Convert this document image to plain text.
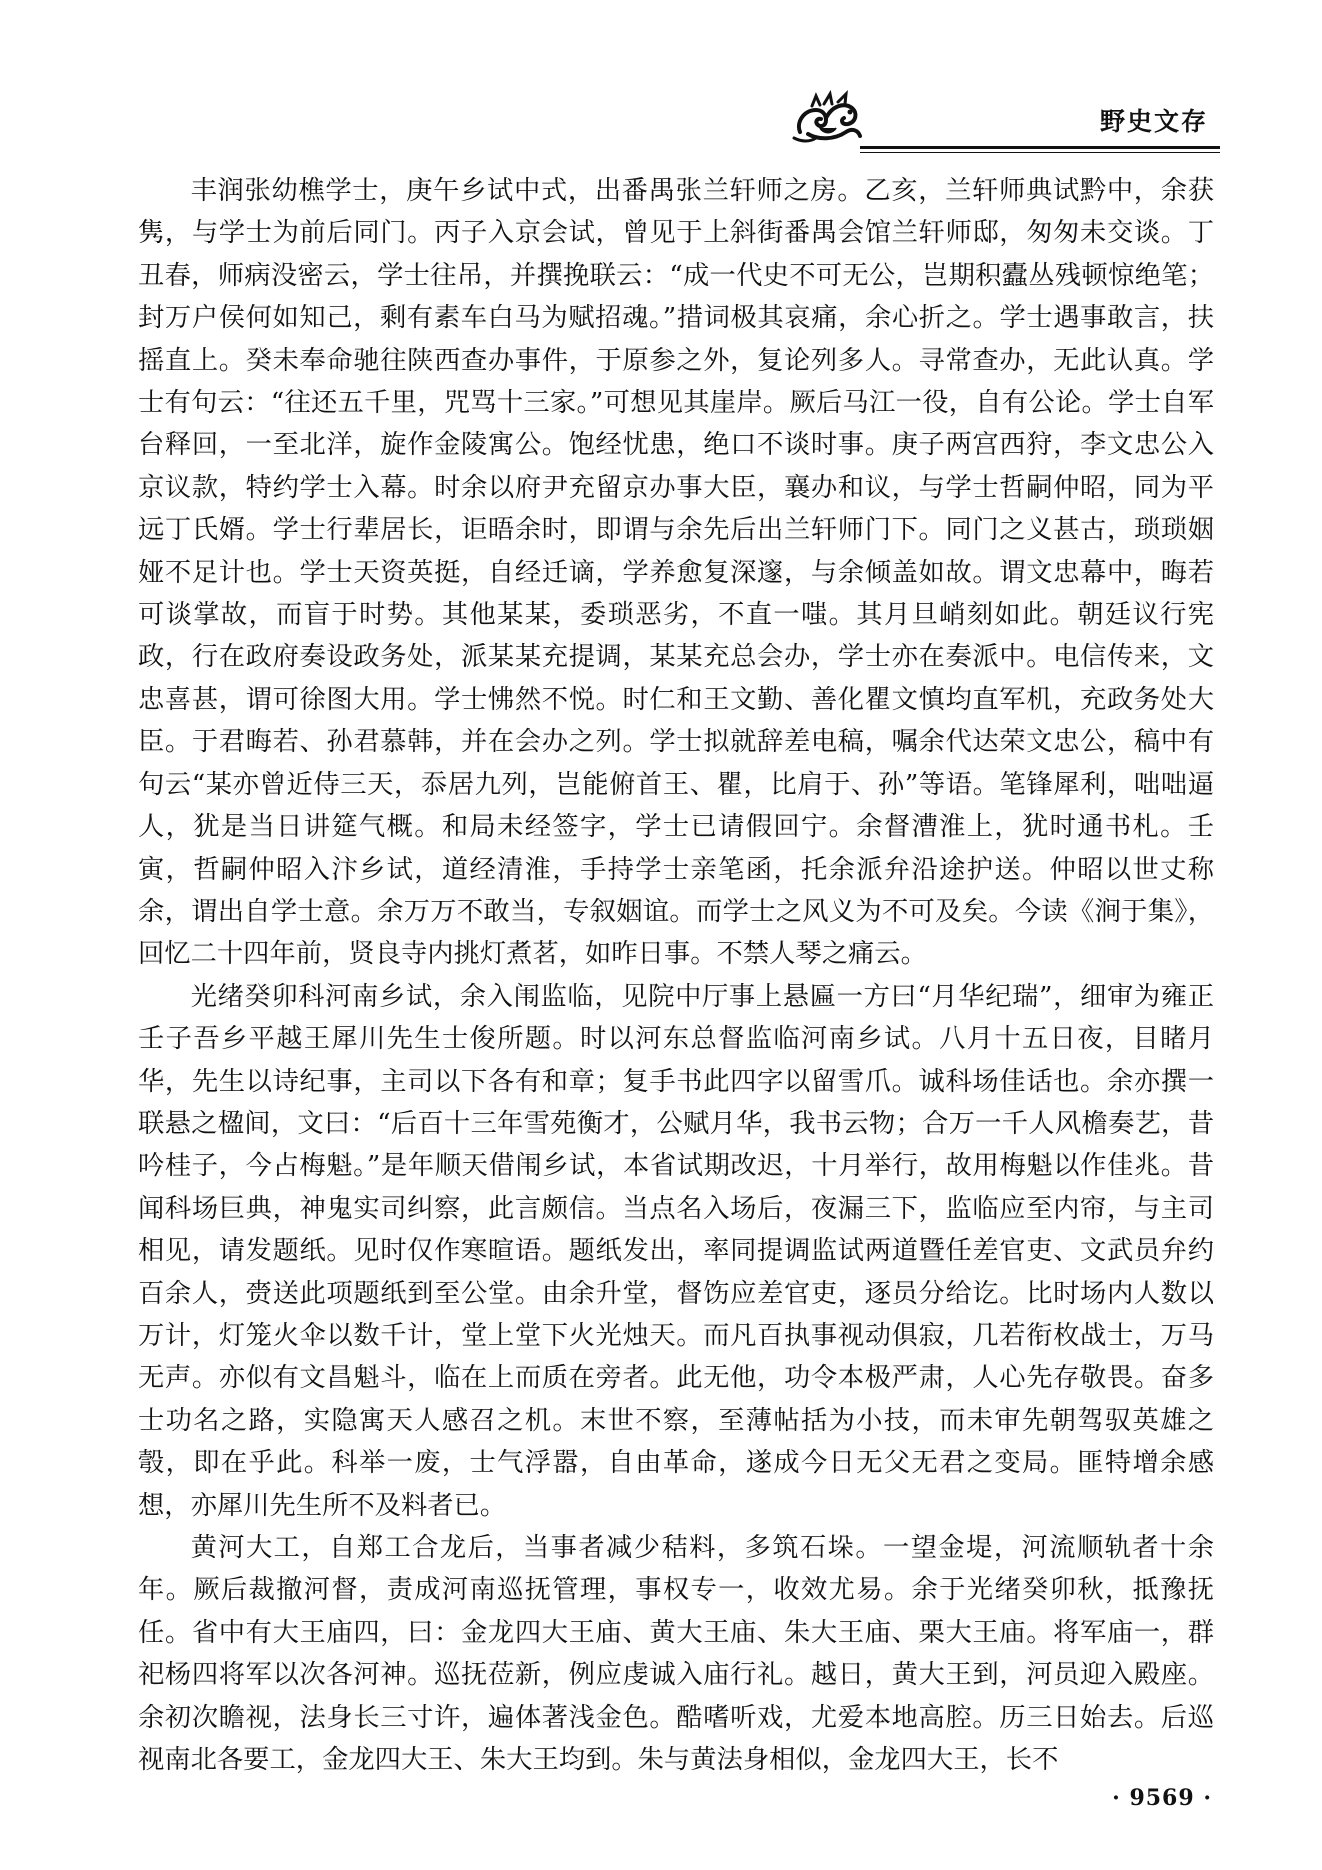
野史文存

丰润张幼樵学士，庚午乡试中式，出番禺张兰轩师之房。乙亥，兰轩师典试黔中，余获隽，与学士为前后同门。丙子入京会试，曾见于上斜街番禺会馆兰轩师邸，匆匆未交谈。丁丑春，师病没密云，学士往吊，并撰挽联云：“成一代史不可无公，岂期积蠹丛残顿惊绝笔；封万户侯何如知己，剩有素车白马为赋招魂。”措词极其哀痛，余心折之。学士遇事敢言，扶摇直上。癸未奉命驰往陕西查办事件，于原参之外，复论列多人。寻常查办，无此认真。学士有句云：“往还五千里，咒骂十三家。”可想见其崖岸。厥后马江一役，自有公论。学士自军台释回，一至北洋，旋作金陵寓公。饱经忧患，绝口不谈时事。庚子两宫西狩，李文忠公入京议款，特约学士入幕。时余以府尹充留京办事大臣，襄办和议，与学士哲嗣仲昭，同为平远丁氏婿。学士行辈居长，讵晤余时，即谓与余先后出兰轩师门下。同门之义甚古，琐琐姻娅不足计也。学士天资英挺，自经迁谪，学养愈复深邃，与余倾盖如故。谓文忠幕中，晦若可谈掌故，而盲于时势。其他某某，委琐恶劣，不直一嗤。其月旦峭刻如此。朝廷议行宪政，行在政府奏设政务处，派某某充提调，某某充总会办，学士亦在奏派中。电信传来，文忠喜甚，谓可徐图大用。学士怫然不悦。时仁和王文勤、善化瞿文慎均直军机，充政务处大臣。于君晦若、孙君慕韩，并在会办之列。学士拟就辞差电稿，嘱余代达荣文忠公，稿中有句云“某亦曾近侍三天，忝居九列，岂能俯首王、瞿，比肩于、孙”等语。笔锋犀利，咄咄逼人，犹是当日讲筵气概。和局未经签字，学士已请假回宁。余督漕淮上，犹时通书札。壬寅，哲嗣仲昭入汴乡试，道经清淮，手持学士亲笔函，托余派弁沿途护送。仲昭以世丈称余，谓出自学士意。余万万不敢当，专叙姻谊。而学士之风义为不可及矣。今读《涧于集》，回忆二十四年前，贤良寺内挑灯煮茗，如昨日事。不禁人琴之痛云。

光绪癸卯科河南乡试，余入闱监临，见院中厅事上悬匾一方曰“月华纪瑞”，细审为雍正壬子吾乡平越王犀川先生士俊所题。时以河东总督监临河南乡试。八月十五日夜，目睹月华，先生以诗纪事，主司以下各有和章；复手书此四字以留雪爪。诚科场佳话也。余亦撰一联悬之楹间，文曰：“后百十三年雪苑衡才，公赋月华，我书云物；合万一千人风檐奏艺，昔吟桂子，今占梅魁。”是年顺天借闱乡试，本省试期改迟，十月举行，故用梅魁以作佳兆。昔闻科场巨典，神鬼实司纠察，此言颇信。当点名入场后，夜漏三下，监临应至内帘，与主司相见，请发题纸。见时仅作寒暄语。题纸发出，率同提调监试两道暨任差官吏、文武员弁约百余人，赍送此项题纸到至公堂。由余升堂，督饬应差官吏，逐员分给讫。比时场内人数以万计，灯笼火伞以数千计，堂上堂下火光烛天。而凡百执事视动俱寂，几若衔枚战士，万马无声。亦似有文昌魁斗，临在上而质在旁者。此无他，功令本极严肃，人心先存敬畏。奋多士功名之路，实隐寓天人感召之机。末世不察，至薄帖括为小技，而未审先朝驾驭英雄之彀，即在乎此。科举一废，士气浮嚣，自由革命，遂成今日无父无君之变局。匪特增余感想，亦犀川先生所不及料者已。

黄河大工，自郑工合龙后，当事者减少秸料，多筑石垛。一望金堤，河流顺轨者十余年。厥后裁撤河督，责成河南巡抚管理，事权专一，收效尤易。余于光绪癸卯秋，抵豫抚任。省中有大王庙四，曰：金龙四大王庙、黄大王庙、朱大王庙、栗大王庙。将军庙一，群祀杨四将军以次各河神。巡抚莅新，例应虔诚入庙行礼。越日，黄大王到，河员迎入殿座。余初次瞻视，法身长三寸许，遍体著浅金色。酷嗜听戏，尤爱本地高腔。历三日始去。后巡视南北各要工，金龙四大王、朱大王均到。朱与黄法身相似，金龙四大王，长不

· 9569 ·
